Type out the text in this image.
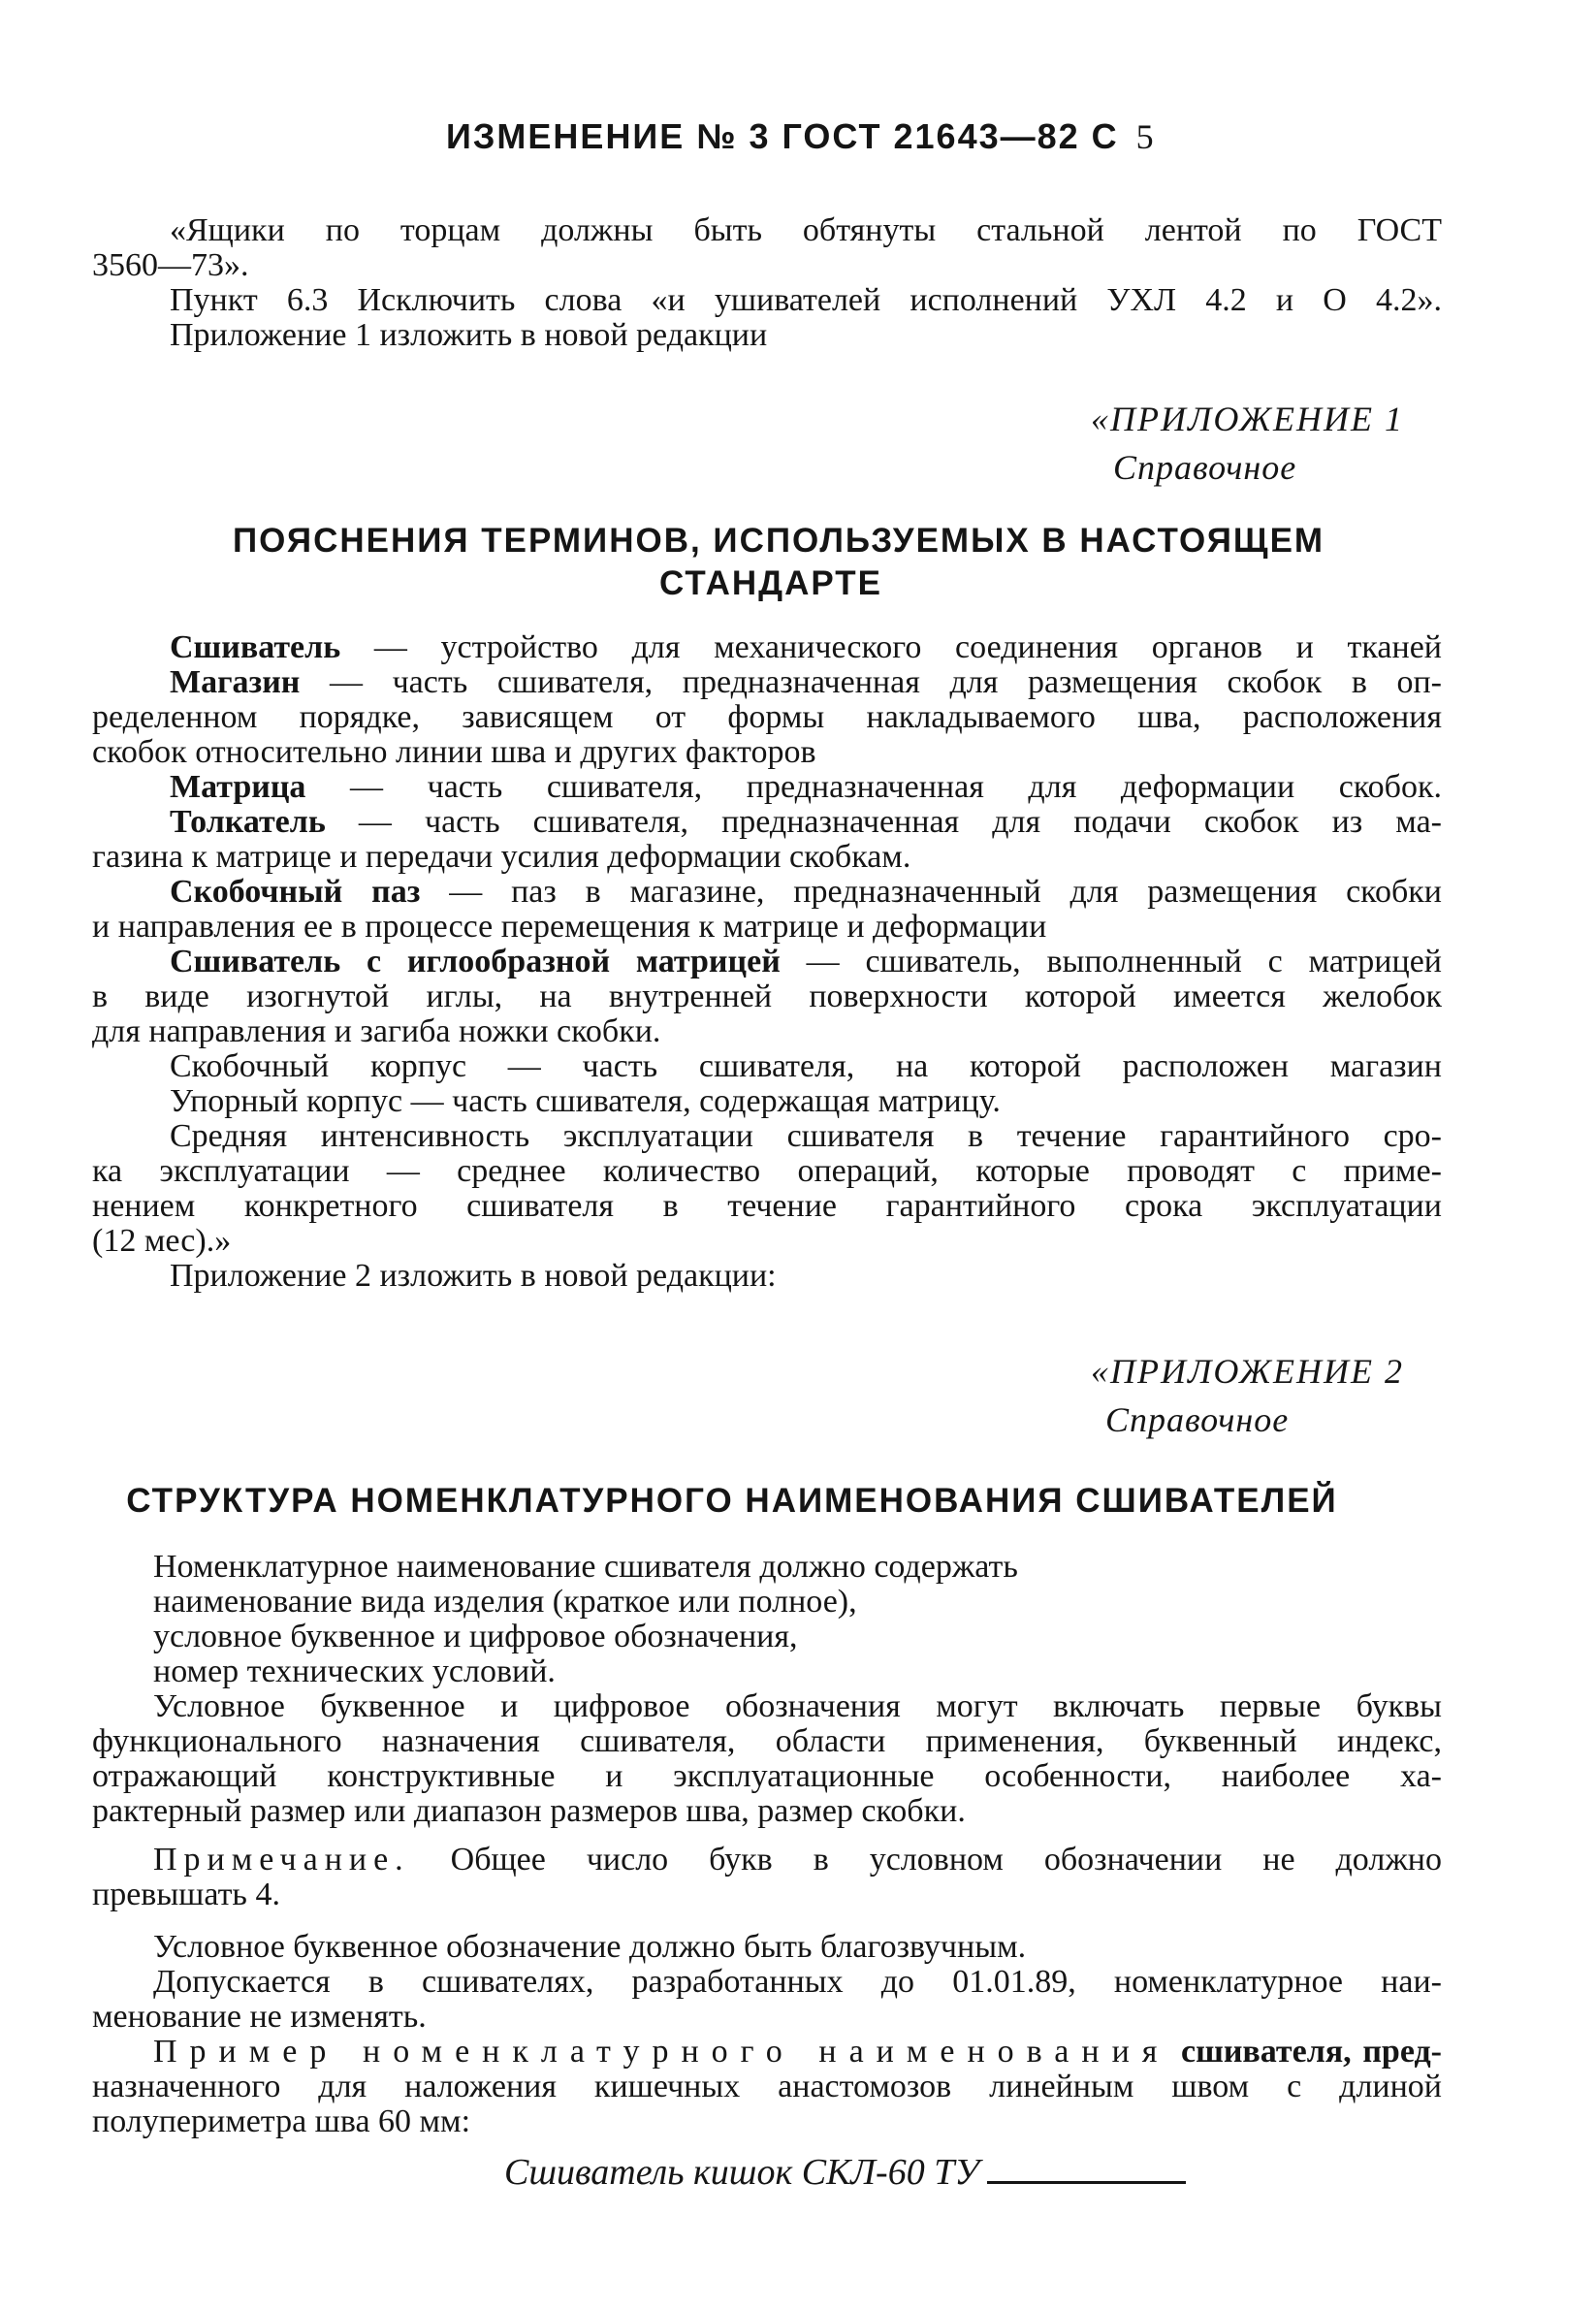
ИЗМЕНЕНИЕ № 3 ГОСТ 21643—82 С 5
«Ящики по торцам должны быть обтянуты стальной лентой по ГОСТ
3560—73».
Пункт 6.3 Исключить слова «и ушивателей исполнений УХЛ 4.2 и О 4.2».
Приложение 1 изложить в новой редакции
«ПРИЛОЖЕНИЕ 1
Справочное
ПОЯСНЕНИЯ ТЕРМИНОВ, ИСПОЛЬЗУЕМЫХ В НАСТОЯЩЕМ
СТАНДАРТЕ
Сшиватель — устройство для механического соединения органов и тканей
Магазин — часть сшивателя, предназначенная для размещения скобок в оп-
ределенном порядке, зависящем от формы накладываемого шва, расположения
скобок относительно линии шва и других факторов
Матрица — часть сшивателя, предназначенная для деформации скобок.
Толкатель — часть сшивателя, предназначенная для подачи скобок из ма-
газина к матрице и передачи усилия деформации скобкам.
Скобочный паз — паз в магазине, предназначенный для размещения скобки
и направления ее в процессе перемещения к матрице и деформации
Сшиватель с иглообразной матрицей — сшиватель, выполненный с матрицей
в виде изогнутой иглы, на внутренней поверхности которой имеется желобок
для направления и загиба ножки скобки.
Скобочный корпус — часть сшивателя, на которой расположен магазин
Упорный корпус — часть сшивателя, содержащая матрицу.
Средняя интенсивность эксплуатации сшивателя в течение гарантийного сро-
ка эксплуатации — среднее количество операций, которые проводят с приме-
нением конкретного сшивателя в течение гарантийного срока эксплуатации
(12 мес).»
Приложение 2 изложить в новой редакции:
«ПРИЛОЖЕНИЕ 2
Справочное
СТРУКТУРА НОМЕНКЛАТУРНОГО НАИМЕНОВАНИЯ СШИВАТЕЛЕЙ
Номенклатурное наименование сшивателя должно содержать
наименование вида изделия (краткое или полное),
условное буквенное и цифровое обозначения,
номер технических условий.
Условное буквенное и цифровое обозначения могут включать первые буквы
функционального назначения сшивателя, области применения, буквенный индекс,
отражающий конструктивные и эксплуатационные особенности, наиболее ха-
рактерный размер или диапазон размеров шва, размер скобки.
Примечание. Общее число букв в условном обозначении не должно
превышать 4.
Условное буквенное обозначение должно быть благозвучным.
Допускается в сшивателях, разработанных до 01.01.89, номенклатурное наи-
менование не изменять.
Пример номенклатурного наименования сшивателя, пред-
назначенного для наложения кишечных анастомозов линейным швом с длиной
полупериметра шва 60 мм:
Сшиватель кишок СКЛ-60 ТУ
